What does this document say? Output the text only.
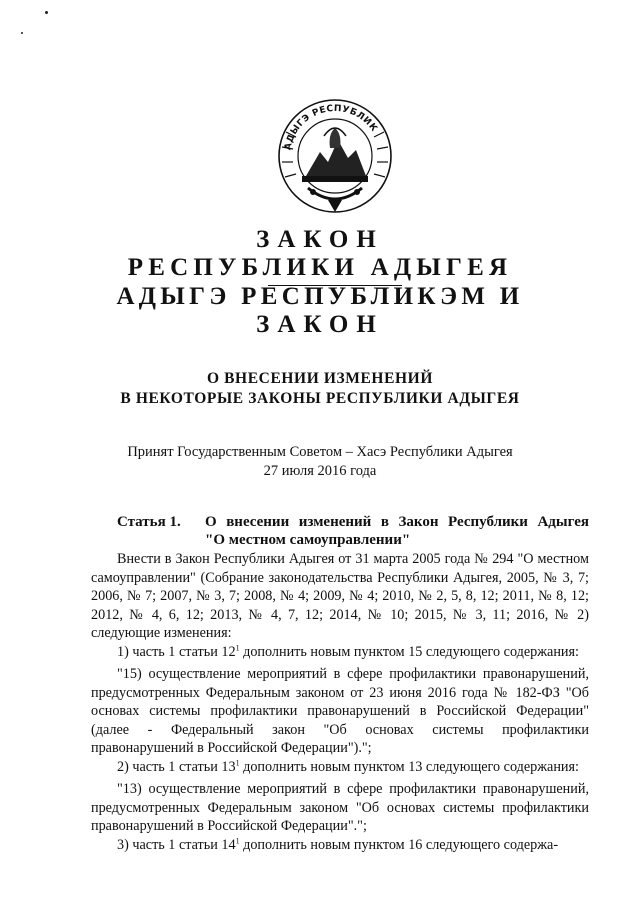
АДЫГЭ РЕСПУБЛИК
ЗАКОН
РЕСПУБЛИКИ АДЫГЕЯ
АДЫГЭ РЕСПУБЛИКЭМ И
ЗАКОН
О ВНЕСЕНИИ ИЗМЕНЕНИЙ
В НЕКОТОРЫЕ ЗАКОНЫ РЕСПУБЛИКИ АДЫГЕЯ
Принят Государственным Советом – Хасэ Республики Адыгея
27 июля 2016 года
Статья 1. О внесении изменений в Закон Республики Адыгея
"О местном самоуправлении"

Внести в Закон Республики Адыгея от 31 марта 2005 года № 294 "О местном самоуправлении" (Собрание законодательства Республики Адыгея, 2005, № 3, 7; 2006, № 7; 2007, № 3, 7; 2008, № 4; 2009, № 4; 2010, № 2, 5, 8, 12; 2011, № 8, 12; 2012, № 4, 6, 12; 2013, № 4, 7, 12; 2014, № 10; 2015, № 3, 11; 2016, № 2) следующие изменения:

1) часть 1 статьи $12^1$ дополнить новым пунктом 15 следующего содержания:

"15) осуществление мероприятий в сфере профилактики правонарушений, предусмотренных Федеральным законом от 23 июня 2016 года № 182-ФЗ "Об основах системы профилактики правонарушений в Российской Федерации" (далее - Федеральный закон "Об основах системы профилактики правонарушений в Российской Федерации").";

2) часть 1 статьи $13^1$ дополнить новым пунктом 13 следующего содержания:

"13) осуществление мероприятий в сфере профилактики правонарушений, предусмотренных Федеральным законом "Об основах системы профилактики правонарушений в Российской Федерации".";

3) часть 1 статьи $14^1$ дополнить новым пунктом 16 следующего содержа-
